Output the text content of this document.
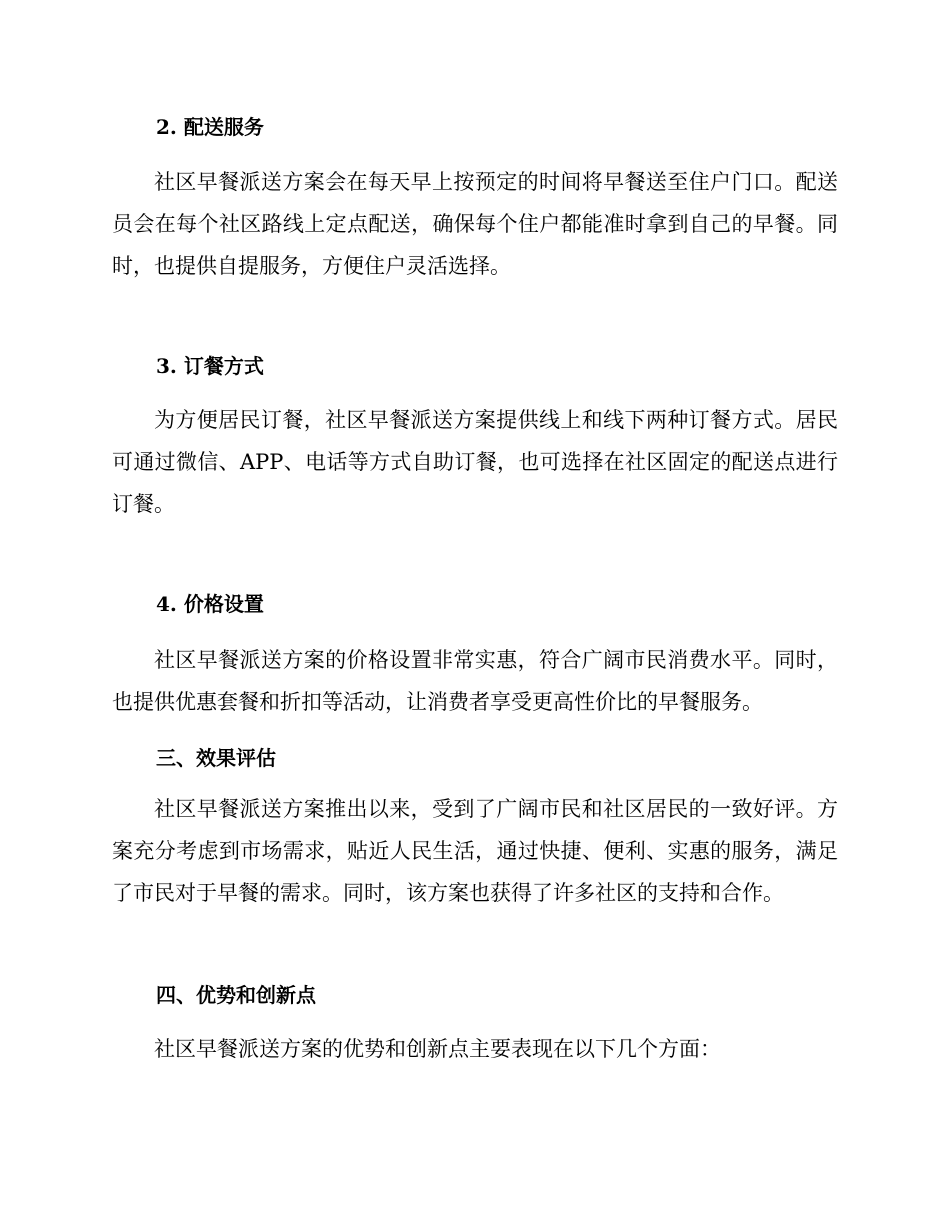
2. 配送服务

社区早餐派送方案会在每天早上按预定的时间将早餐送至住户门口。配送员会在每个社区路线上定点配送，确保每个住户都能准时拿到自己的早餐。同时，也提供自提服务，方便住户灵活选择。

3. 订餐方式

为方便居民订餐，社区早餐派送方案提供线上和线下两种订餐方式。居民可通过微信、APP、电话等方式自助订餐，也可选择在社区固定的配送点进行订餐。

4. 价格设置

社区早餐派送方案的价格设置非常实惠，符合广阔市民消费水平。同时，也提供优惠套餐和折扣等活动，让消费者享受更高性价比的早餐服务。

三、效果评估

社区早餐派送方案推出以来，受到了广阔市民和社区居民的一致好评。方案充分考虑到市场需求，贴近人民生活，通过快捷、便利、实惠的服务，满足了市民对于早餐的需求。同时，该方案也获得了许多社区的支持和合作。

四、优势和创新点

社区早餐派送方案的优势和创新点主要表现在以下几个方面：
